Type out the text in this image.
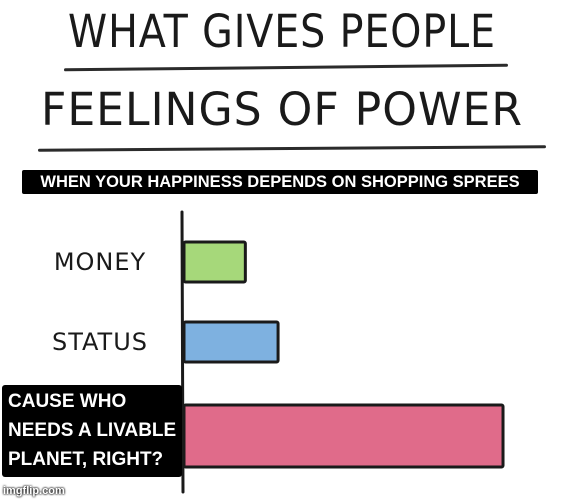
WHAT GIVES PEOPLE
FEELINGS OF POWER
MONEY
STATUS
WHEN YOUR HAPPINESS DEPENDS ON SHOPPING SPREES
CAUSE WHO
NEEDS A LIVABLE
PLANET, RIGHT?
imgflip.com
